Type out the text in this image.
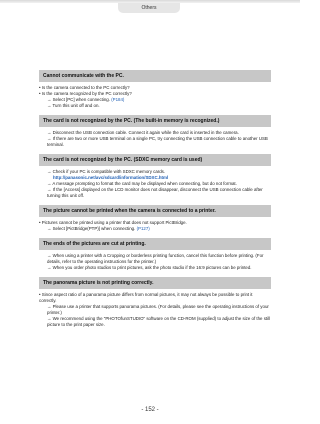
Others
Cannot communicate with the PC.
• Is the camera connected to the PC correctly?
• Is the camera recognized by the PC correctly?
→ Select [PC] when connecting. (P184)
→ Turn this unit off and on.
The card is not recognized by the PC. (The built-in memory is recognized.)
→ Disconnect the USB connection cable. Connect it again while the card is inserted in the camera.
→ If there are two or more USB terminal on a single PC, try connecting the USB connection cable to another USB terminal.
The card is not recognized by the PC. (SDXC memory card is used)
→ Check if your PC is compatible with SDXC memory cards.
http://panasonic.net/avc/sdcard/information/SDXC.html
→ A message prompting to format the card may be displayed when connecting, but do not format.
→ If the [Access] displayed on the LCD monitor does not disappear, disconnect the USB connection cable after turning this unit off.
The picture cannot be printed when the camera is connected to a printer.
• Pictures cannot be printed using a printer that does not support PictBridge.
→ Select [PictBridge(PTP)] when connecting. (P127)
The ends of the pictures are cut at printing.
→ When using a printer with a Cropping or borderless printing function, cancel this function before printing. (For details, refer to the operating instructions for the printer.)
→ When you order photo studios to print pictures, ask the photo studio if the 16:9 pictures can be printed.
The panorama picture is not printing correctly.
• Since aspect ratio of a panorama picture differs from normal pictures, it may not always be possible to print it correctly.
→ Please use a printer that supports panorama pictures. (For details, please see the operating instructions of your printer.)
→ We recommend using the "PHOTOfunSTUDIO" software on the CD-ROM (supplied) to adjust the size of the still picture to the print paper size.
- 152 -
